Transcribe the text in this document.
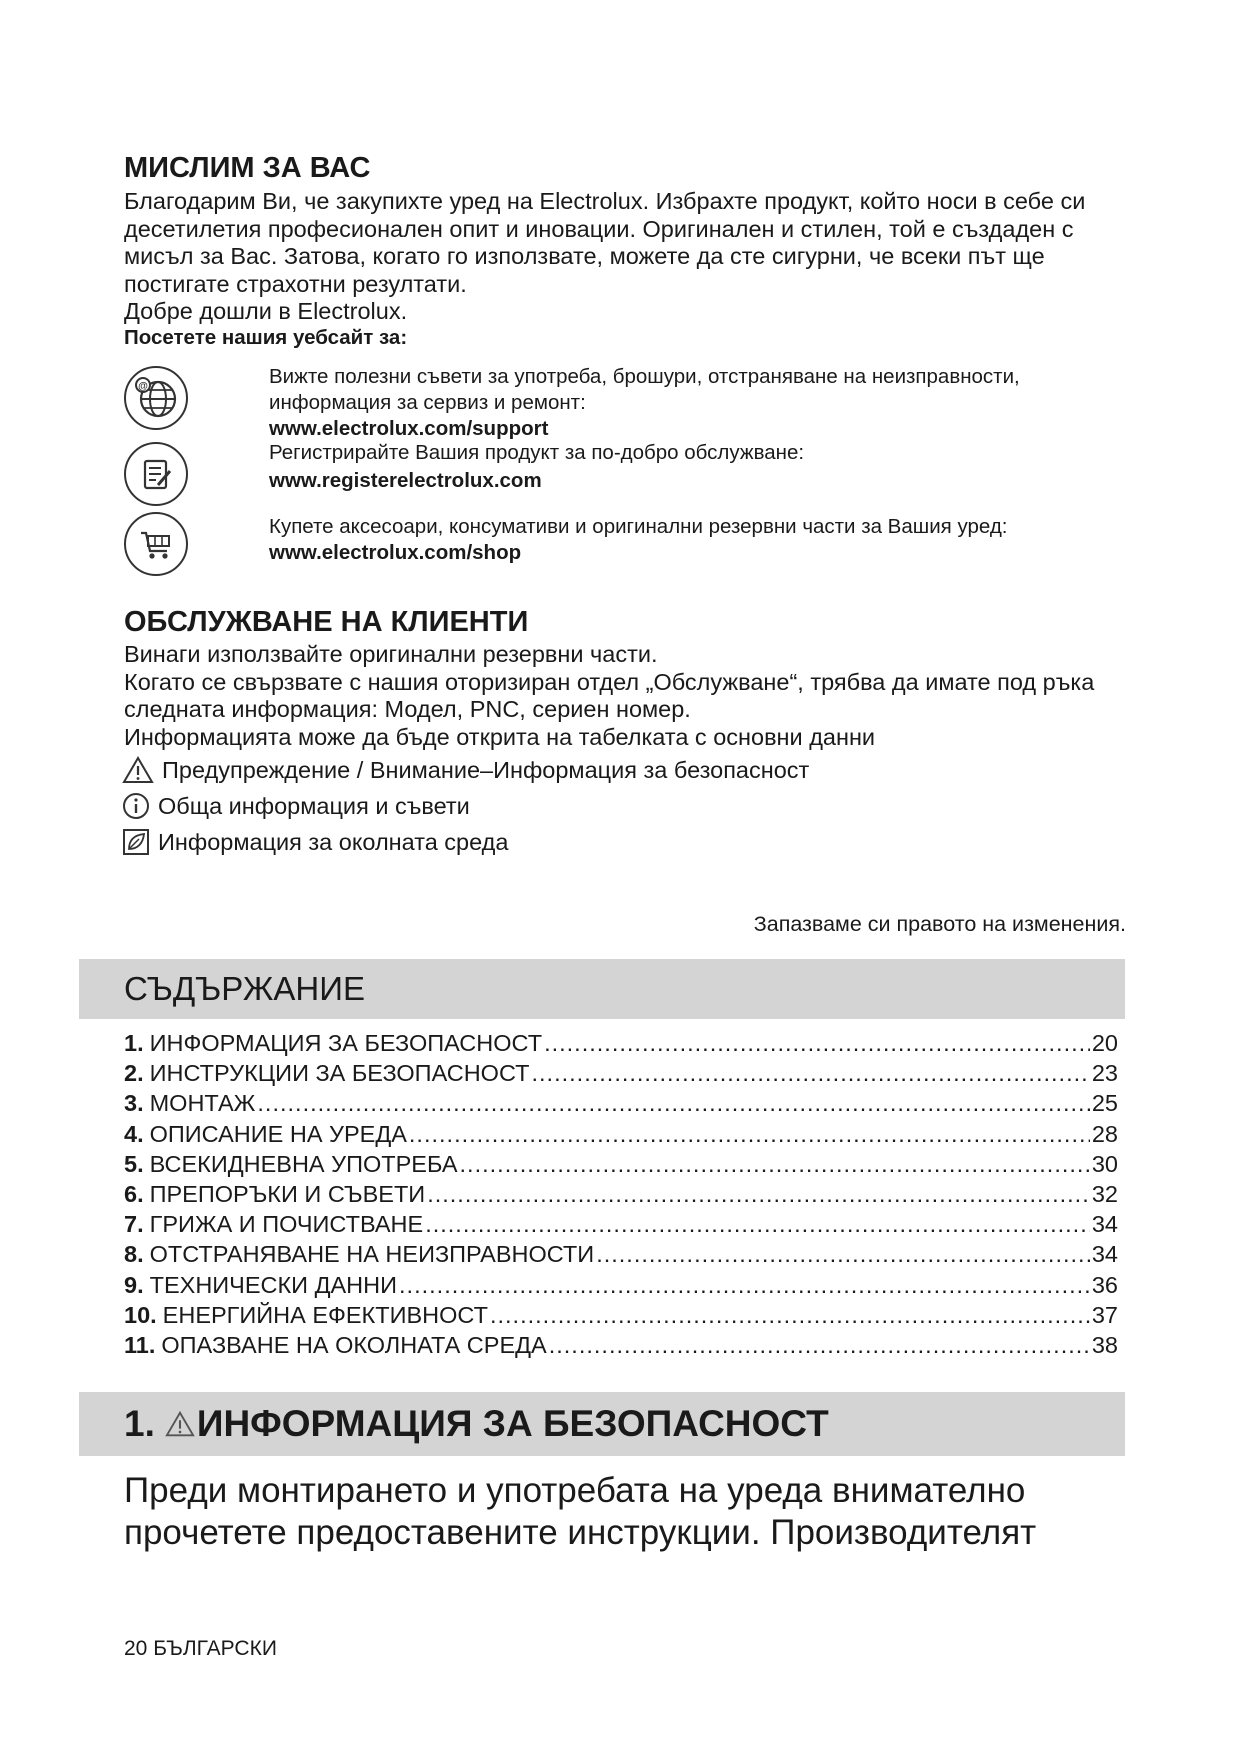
МИСЛИМ ЗА ВАС

Благодарим Ви, че закупихте уред на Electrolux. Избрахте продукт, който носи в себе си десетилетия професионален опит и иновации. Оригинален и стилен, той е създаден с мисъл за Вас. Затова, когато го използвате, можете да сте сигурни, че всеки път ще постигате страхотни резултати.

Добре дошли в Electrolux.

Посетете нашия уебсайт за:
@	Вижте полезни съвети за употреба, брошури, отстраняване на неизправности, информация за сервиз и ремонт:
www.electrolux.com/support
Регистрирайте Вашия продукт за по-добро обслужване:
www.registerelectrolux.com
Купете аксесоари, консумативи и оригинални резервни части за Вашия уред:
www.electrolux.com/shop
ОБСЛУЖВАНЕ НА КЛИЕНТИ

Винаги използвайте оригинални резервни части.

Когато се свързвате с нашия оторизиран отдел „Обслужване“, трябва да имате под ръка следната информация: Модел, PNC, сериен номер.

Информацията може да бъде открита на табелката с основни данни

Предупреждение / Внимание–Информация за безопасност
Обща информация и съвети
Информация за околната среда
Запазваме си правото на изменения.
СЪДЪРЖАНИЕ
1. ИНФОРМАЦИЯ ЗА БЕЗОПАСНОСТ .....	20
2. ИНСТРУКЦИИ ЗА БЕЗОПАСНОСТ .....	23
3. МОНТАЖ .....	25
4. ОПИСАНИЕ НА УРЕДА .....	28
5. ВСЕКИДНЕВНА УПОТРЕБА .....	30
6. ПРЕПОРЪКИ И СЪВЕТИ .....	32
7. ГРИЖА И ПОЧИСТВАНЕ .....	34
8. ОТСТРАНЯВАНЕ НА НЕИЗПРАВНОСТИ .....	34
9. ТЕХНИЧЕСКИ ДАННИ .....	36
10. ЕНЕРГИЙНА ЕФЕКТИВНОСТ .....	37
11. ОПАЗВАНЕ НА ОКОЛНАТА СРЕДА .....	38
1. ИНФОРМАЦИЯ ЗА БЕЗОПАСНОСТ

Преди монтирането и употребата на уреда внимателно прочетете предоставените инструкции. Производителят

20 БЪЛГАРСКИ
